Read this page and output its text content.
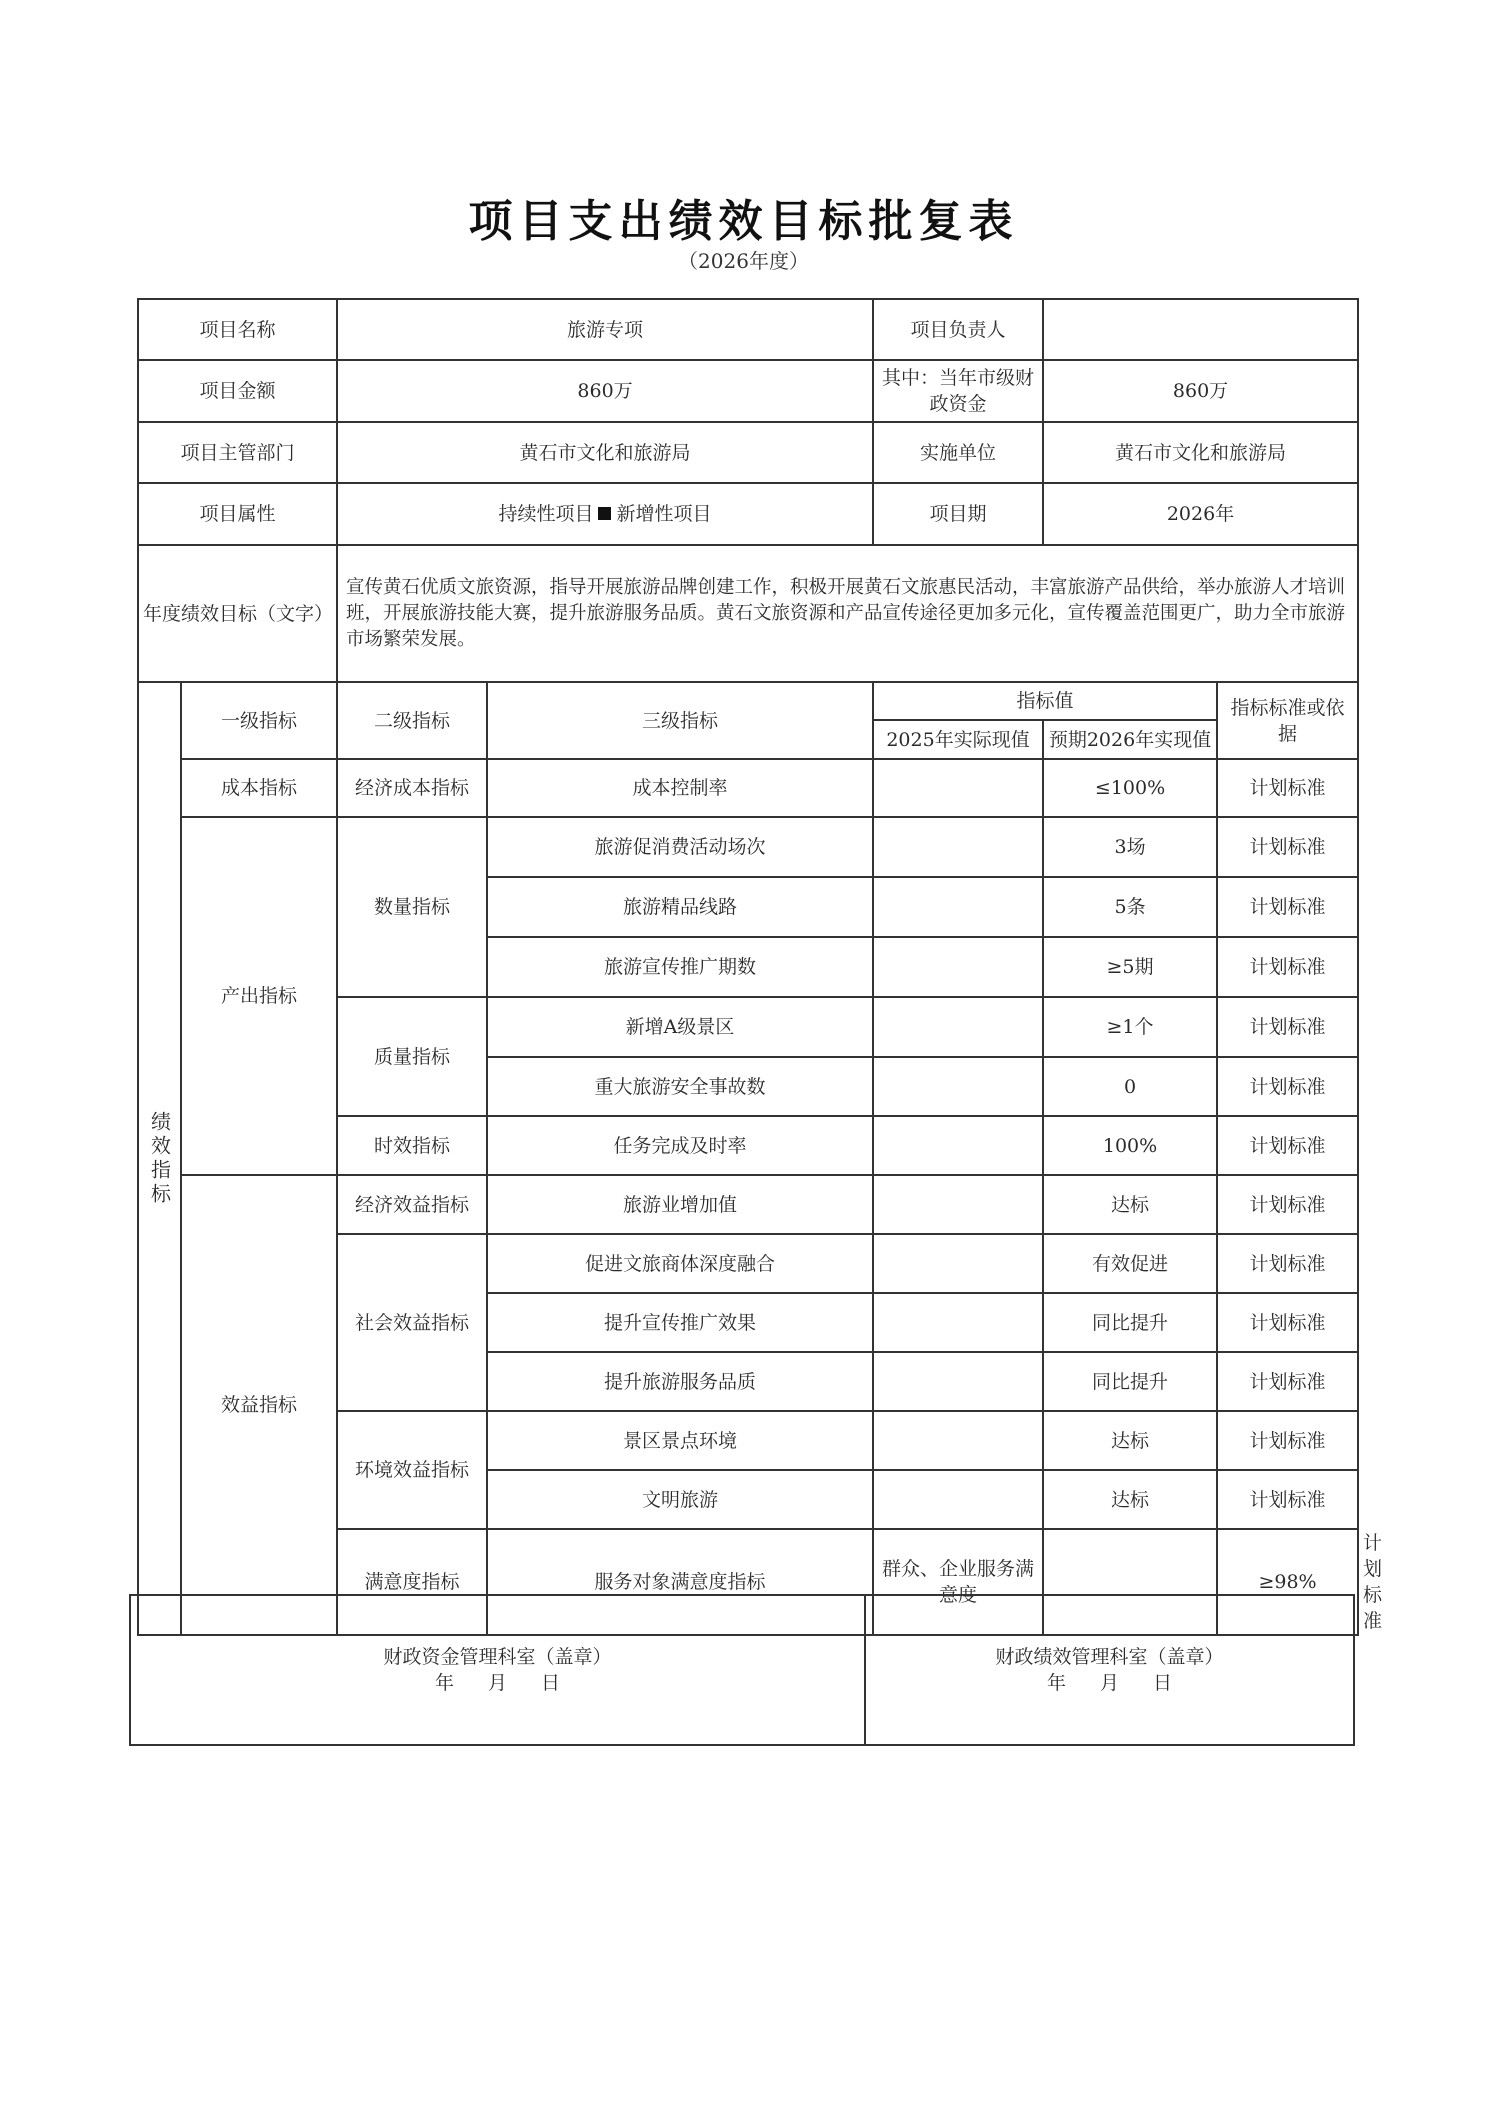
项目支出绩效目标批复表
（2026年度）
项目名称		旅游专项		项目负责人			
项目金额		860万		其中：当年市级财政资金	860万		
项目主管部门		黄石市文化和旅游局		实施单位	黄石市文化和旅游局		
项目属性		持续性项目 新增性项目		项目期	2026年		
年度绩效目标（文字）		宣传黄石优质文旅资源，指导开展旅游品牌创建工作，积极开展黄石文旅惠民活动，丰富旅游产品供给，举办旅游人才培训班，开展旅游技能大赛，提升旅游服务品质。黄石文旅资源和产品宣传途径更加多元化，宣传覆盖范围更广，助力全市旅游市场繁荣发展。					
绩效指标	一级指标	二级指标	三级指标	指标值		指标标准或依据	
				2025年实际现值	预期2026年实现值		
	成本指标	经济成本指标	成本控制率		≤100%	计划标准	
	产出指标	数量指标	旅游促消费活动场次		3场	计划标准	
			旅游精品线路		5条	计划标准	
			旅游宣传推广期数		≥5期	计划标准	
		质量指标	新增A级景区		≥1个	计划标准	
			重大旅游安全事故数		0	计划标准	
		时效指标	任务完成及时率		100%	计划标准	
	效益指标	经济效益指标	旅游业增加值		达标	计划标准	
		社会效益指标	促进文旅商体深度融合		有效促进	计划标准	
			提升宣传推广效果		同比提升	计划标准	
			提升旅游服务品质		同比提升	计划标准	
		环境效益指标	景区景点环境		达标	计划标准	
			文明旅游		达标	计划标准	
		满意度指标	服务对象满意度指标	群众、企业服务满意度		≥98%	计划标准
财政资金管理科室（盖章）
年 月 日

财政绩效管理科室（盖章）
年 月 日
